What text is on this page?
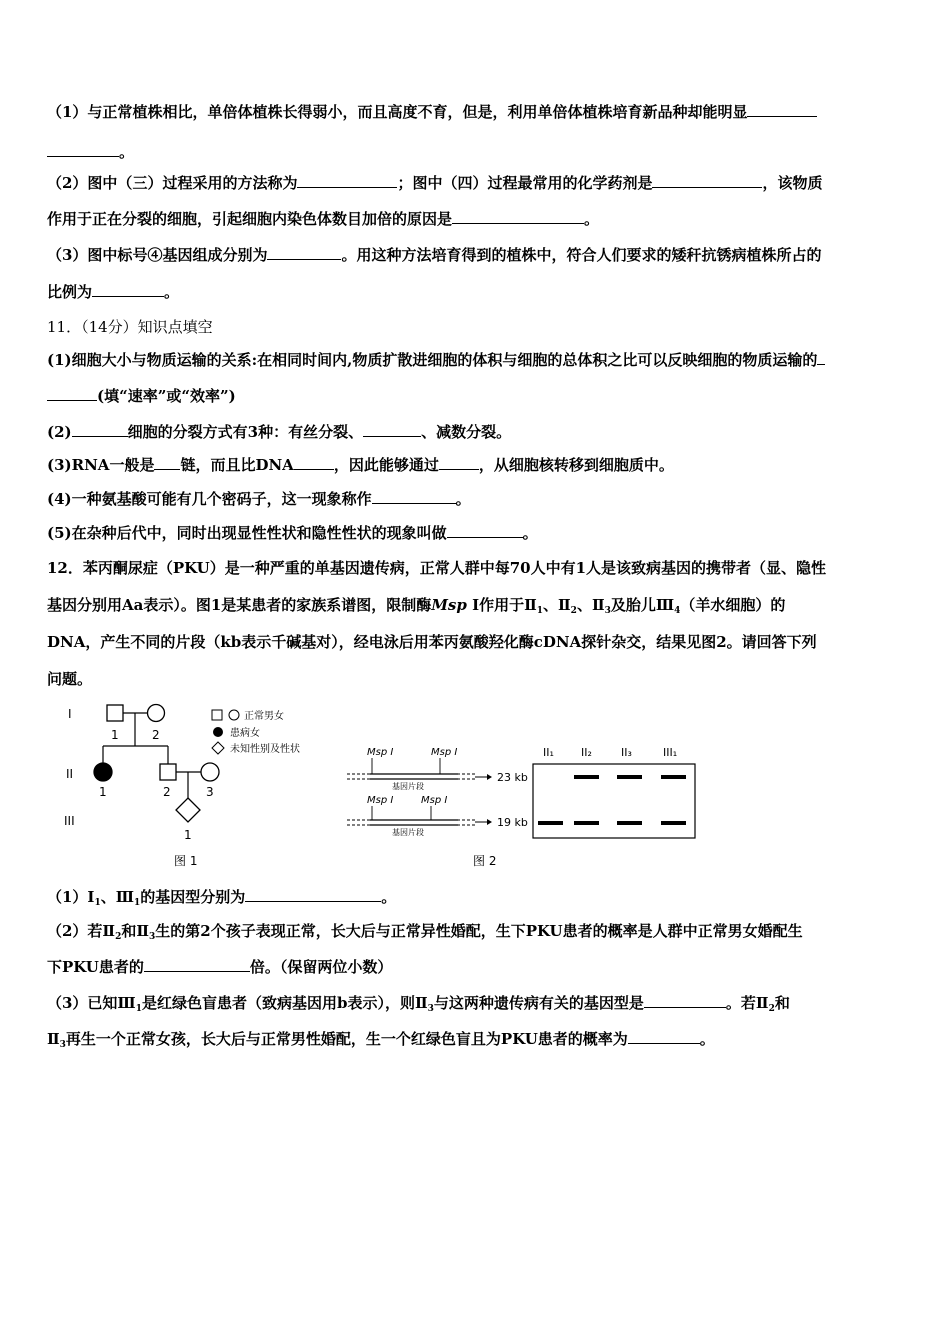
（1）与正常植株相比，单倍体植株长得弱小，而且高度不育，但是，利用单倍体植株培育新品种却能明显
。
（2）图中（三）过程采用的方法称为	；图中（四）过程最常用的化学药剂是	，该物质
作用于正在分裂的细胞，引起细胞内染色体数目加倍的原因是	。
（3）图中标号④基因组成分别为	。用这种方法培育得到的植株中，符合人们要求的矮秆抗锈病植株所占的
比例为	。
11．（14分）知识点填空
(1)细胞大小与物质运输的关系:在相同时间内,物质扩散进细胞的体积与细胞的总体积之比可以反映细胞的物质运输的
(填“速率”或“效率”)
(2)	细胞的分裂方式有3种：有丝分裂、	、减数分裂。
(3)RNA一般是 链，而且比DNA	，因此能够通过	，从细胞核转移到细胞质中。
(4)一种氨基酸可能有几个密码子，这一现象称作	。
(5)在杂种后代中，同时出现显性性状和隐性性状的现象叫做	。
12．苯丙酮尿症（PKU）是一种严重的单基因遗传病，正常人群中每70人中有1人是该致病基因的携带者（显、隐性
基因分别用Aa表示）。图1是某患者的家族系谱图，限制酶Msp I作用于$Ⅱ_1$、$Ⅱ_2$、$Ⅱ_3$及胎儿$Ⅲ_4$（羊水细胞）的
DNA，产生不同的片段（kb表示千碱基对），经电泳后用苯丙氨酸羟化酶cDNA探针杂交，结果见图2。请回答下列
问题。
I
II
III
1	2
1	2	3
1
正常男女
患病女
未知性别及性状
图 1
Msp I	Msp I
基因片段
23 kb
Msp I	Msp I
基因片段
19 kb
II₁ II₂	II₃	III₁
图 2
$(1)I_1$、$Ⅲ_1$的基因型分别为	。
（2）若$Ⅱ_2$和$Ⅱ_3$生的第2个孩子表现正常，长大后与正常异性婚配，生下PKU患者的概率是人群中正常男女婚配生
下PKU患者的	倍。（保留两位小数）
（3）已知$Ⅲ_1$是红绿色盲患者（致病基因用b表示），则$Ⅱ_3$与这两种遗传病有关的基因型是	。若$Ⅱ_2$和
$Ⅱ_3$再生一个正常女孩，长大后与正常男性婚配，生一个红绿色盲且为PKU患者的概率为	。
